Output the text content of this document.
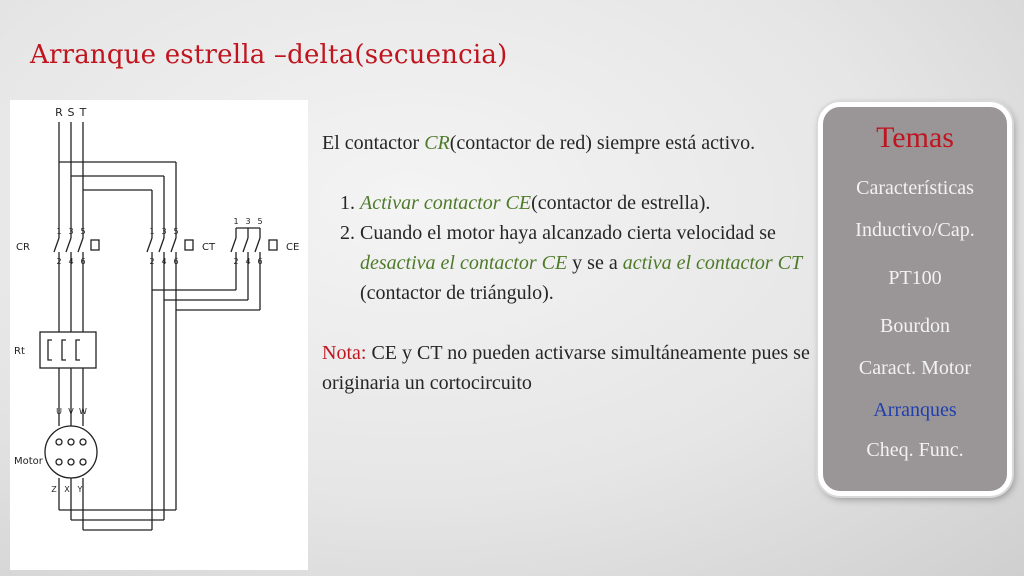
Arranque estrella –delta(secuencia)
R S T
CR	CT	CE
Rt
Motor
1 3 5
2 4 6
1 3 5
2 4 6
1 3 5
2 4 6
U V W
Z X Y

El contactor CR(contactor de red) siempre está activo.

1. Activar contactor CE(contactor de estrella).
2. Cuando el motor haya alcanzado cierta velocidad se desactiva el contactor CE y se a activa el contactor CT (contactor de triángulo).

Nota: CE y CT no pueden activarse simultáneamente pues se originaria un cortocircuito

Temas
Características
Inductivo/Cap.
PT100
Bourdon
Caract. Motor
Arranques
Cheq. Func.
